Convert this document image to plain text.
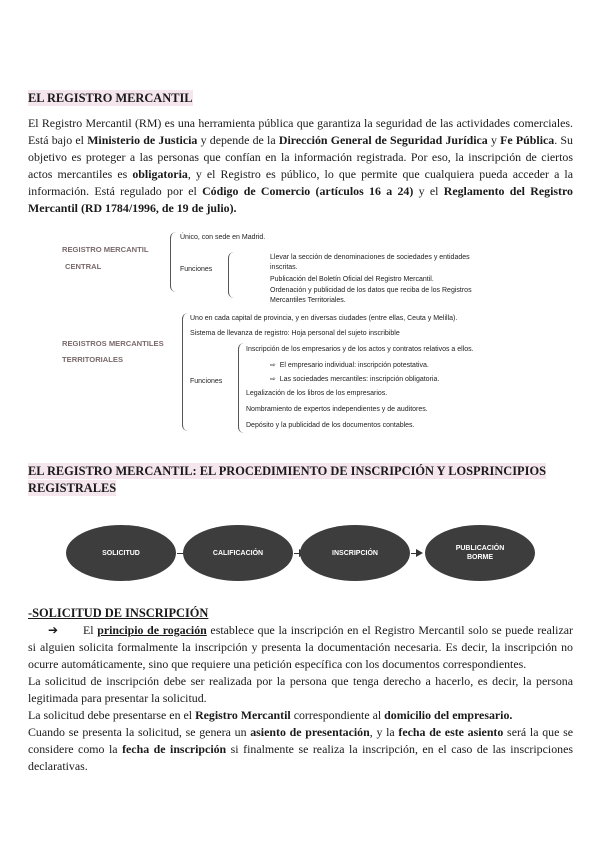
EL REGISTRO MERCANTIL

El Registro Mercantil (RM) es una herramienta pública que garantiza la seguridad de las actividades comerciales. Está bajo el Ministerio de Justicia y depende de la Dirección General de Seguridad Jurídica y Fe Pública. Su objetivo es proteger a las personas que confían en la información registrada. Por eso, la inscripción de ciertos actos mercantiles es obligatoria, y el Registro es público, lo que permite que cualquiera pueda acceder a la información. Está regulado por el Código de Comercio (artículos 16 a 24) y el Reglamento del Registro Mercantil (RD 1784/1996, de 19 de julio).

REGISTRO MERCANTIL
CENTRAL
Único, con sede en Madrid.
Funciones
Llevar la sección de denominaciones de sociedades y entidades
inscritas.
Publicación del Boletín Oficial del Registro Mercantil.
Ordenación y publicidad de los datos que reciba de los Registros
Mercantiles Territoriales.
REGISTROS MERCANTILES
TERRITORIALES
Uno en cada capital de provincia, y en diversas ciudades (entre ellas, Ceuta y Melilla).
Sistema de llevanza de registro: Hoja personal del sujeto inscribible
Funciones
Inscripción de los empresarios y de los actos y contratos relativos a ellos.
⇨ El empresario individual: inscripción potestativa.
⇨ Las sociedades mercantiles: inscripción obligatoria.
Legalización de los libros de los empresarios.
Nombramiento de expertos independientes y de auditores.
Depósito y la publicidad de los documentos contables.
EL REGISTRO MERCANTIL: EL PROCEDIMIENTO DE INSCRIPCIÓN Y LOSPRINCIPIOS
REGISTRALES
SOLICITUD	CALIFICACIÓN	INSCRIPCIÓN
PUBLICACIÓN BORME
-SOLICITUD DE INSCRIPCIÓN

➔ El principio de rogación establece que la inscripción en el Registro Mercantil solo se puede realizar si alguien solicita formalmente la inscripción y presenta la documentación necesaria. Es decir, la inscripción no ocurre automáticamente, sino que requiere una petición específica con los documentos correspondientes.
La solicitud de inscripción debe ser realizada por la persona que tenga derecho a hacerlo, es decir, la persona legitimada para presentar la solicitud.
La solicitud debe presentarse en el Registro Mercantil correspondiente al domicilio del empresario.
Cuando se presenta la solicitud, se genera un asiento de presentación, y la fecha de este asiento será la que se considere como la fecha de inscripción si finalmente se realiza la inscripción, en el caso de las inscripciones declarativas.
